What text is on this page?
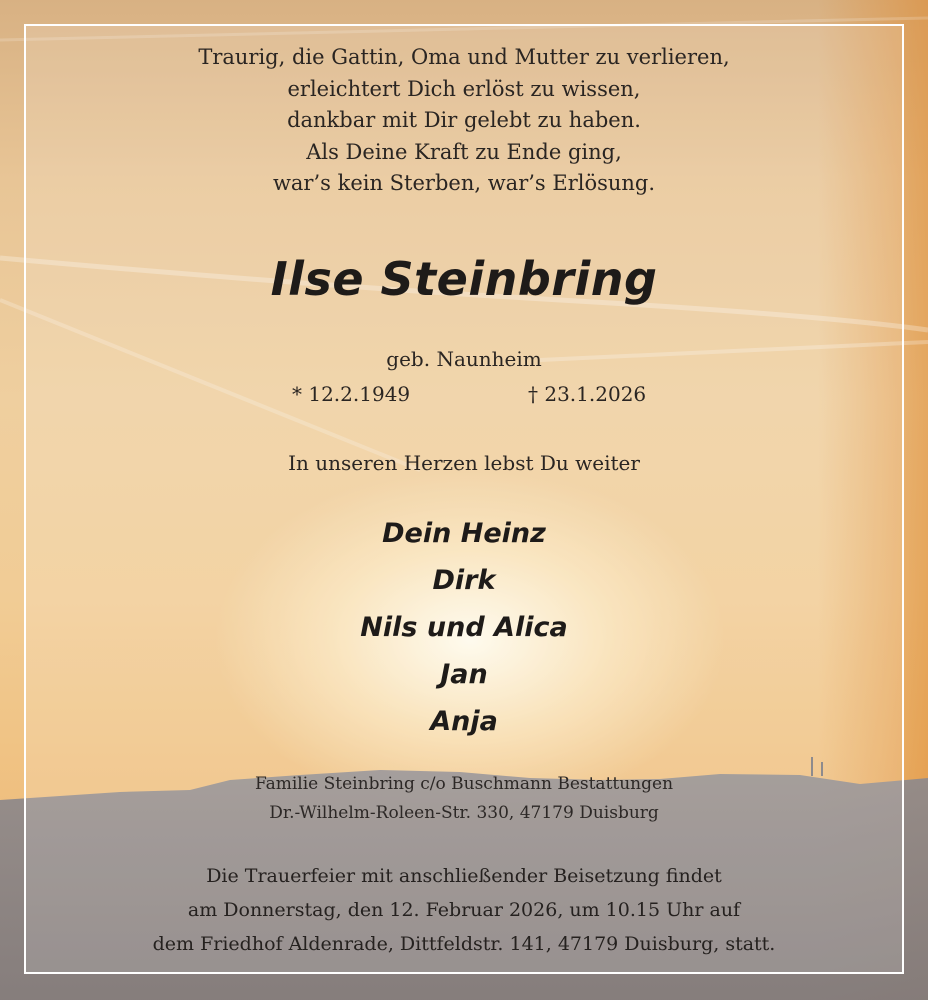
Traurig, die Gattin, Oma und Mutter zu verlieren,
erleichtert Dich erlöst zu wissen,
dankbar mit Dir gelebt zu haben.
Als Deine Kraft zu Ende ging,
war’s kein Sterben, war’s Erlösung.
Ilse Steinbring
geb. Naunheim
* 12.2.1949	† 23.1.2026
In unseren Herzen lebst Du weiter
Dein Heinz
Dirk
Nils und Alica
Jan
Anja
Familie Steinbring c/o Buschmann Bestattungen
Dr.-Wilhelm-Roleen-Str. 330, 47179 Duisburg
Die Trauerfeier mit anschließender Beisetzung findet
am Donnerstag, den 12. Februar 2026, um 10.15 Uhr auf
dem Friedhof Aldenrade, Dittfeldstr. 141, 47179 Duisburg, statt.
